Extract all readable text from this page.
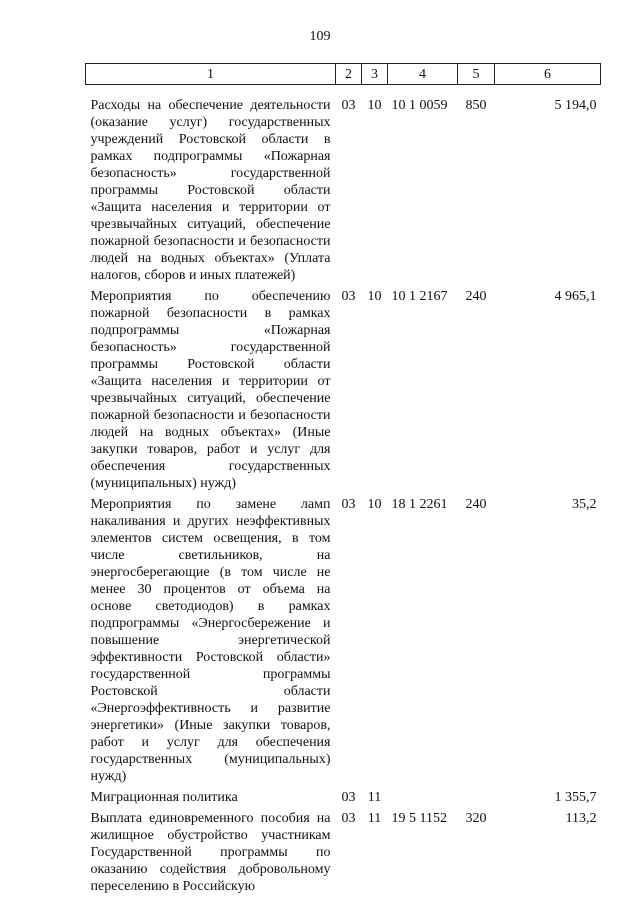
109
1	2	3	4	5	6

Расходы на обеспечение деятельности (оказание услуг) государственных учреждений Ростовской области в рамках подпрограммы «Пожарная безопасность» государственной программы Ростовской области «Защита населения и территории от чрезвычайных ситуаций, обеспечение пожарной безопасности и безопасности людей на водных объектах» (Уплата налогов, сборов и иных платежей)	03	10	10 1 0059	850	5 194,0
Мероприятия по обеспечению пожарной безопасности в рамках подпрограммы «Пожарная безопасность» государственной программы Ростовской области «Защита населения и территории от чрезвычайных ситуаций, обеспечение пожарной безопасности и безопасности людей на водных объектах» (Иные закупки товаров, работ и услуг для обеспечения государственных (муниципальных) нужд)	03	10	10 1 2167	240	4 965,1
Мероприятия по замене ламп накаливания и других неэффективных элементов систем освещения, в том числе светильников, на энергосберегающие (в том числе не менее 30 процентов от объема на основе светодиодов) в рамках подпрограммы «Энергосбережение и повышение энергетической эффективности Ростовской области» государственной программы Ростовской области «Энергоэффективность и развитие энергетики» (Иные закупки товаров, работ и услуг для обеспечения государственных (муниципальных) нужд)	03	10	18 1 2261	240	35,2
Миграционная политика	03	11			1 355,7
Выплата единовременного пособия на жилищное обустройство участникам Государственной программы по оказанию содействия добровольному переселению в Российскую	03	11	19 5 1152	320	113,2
